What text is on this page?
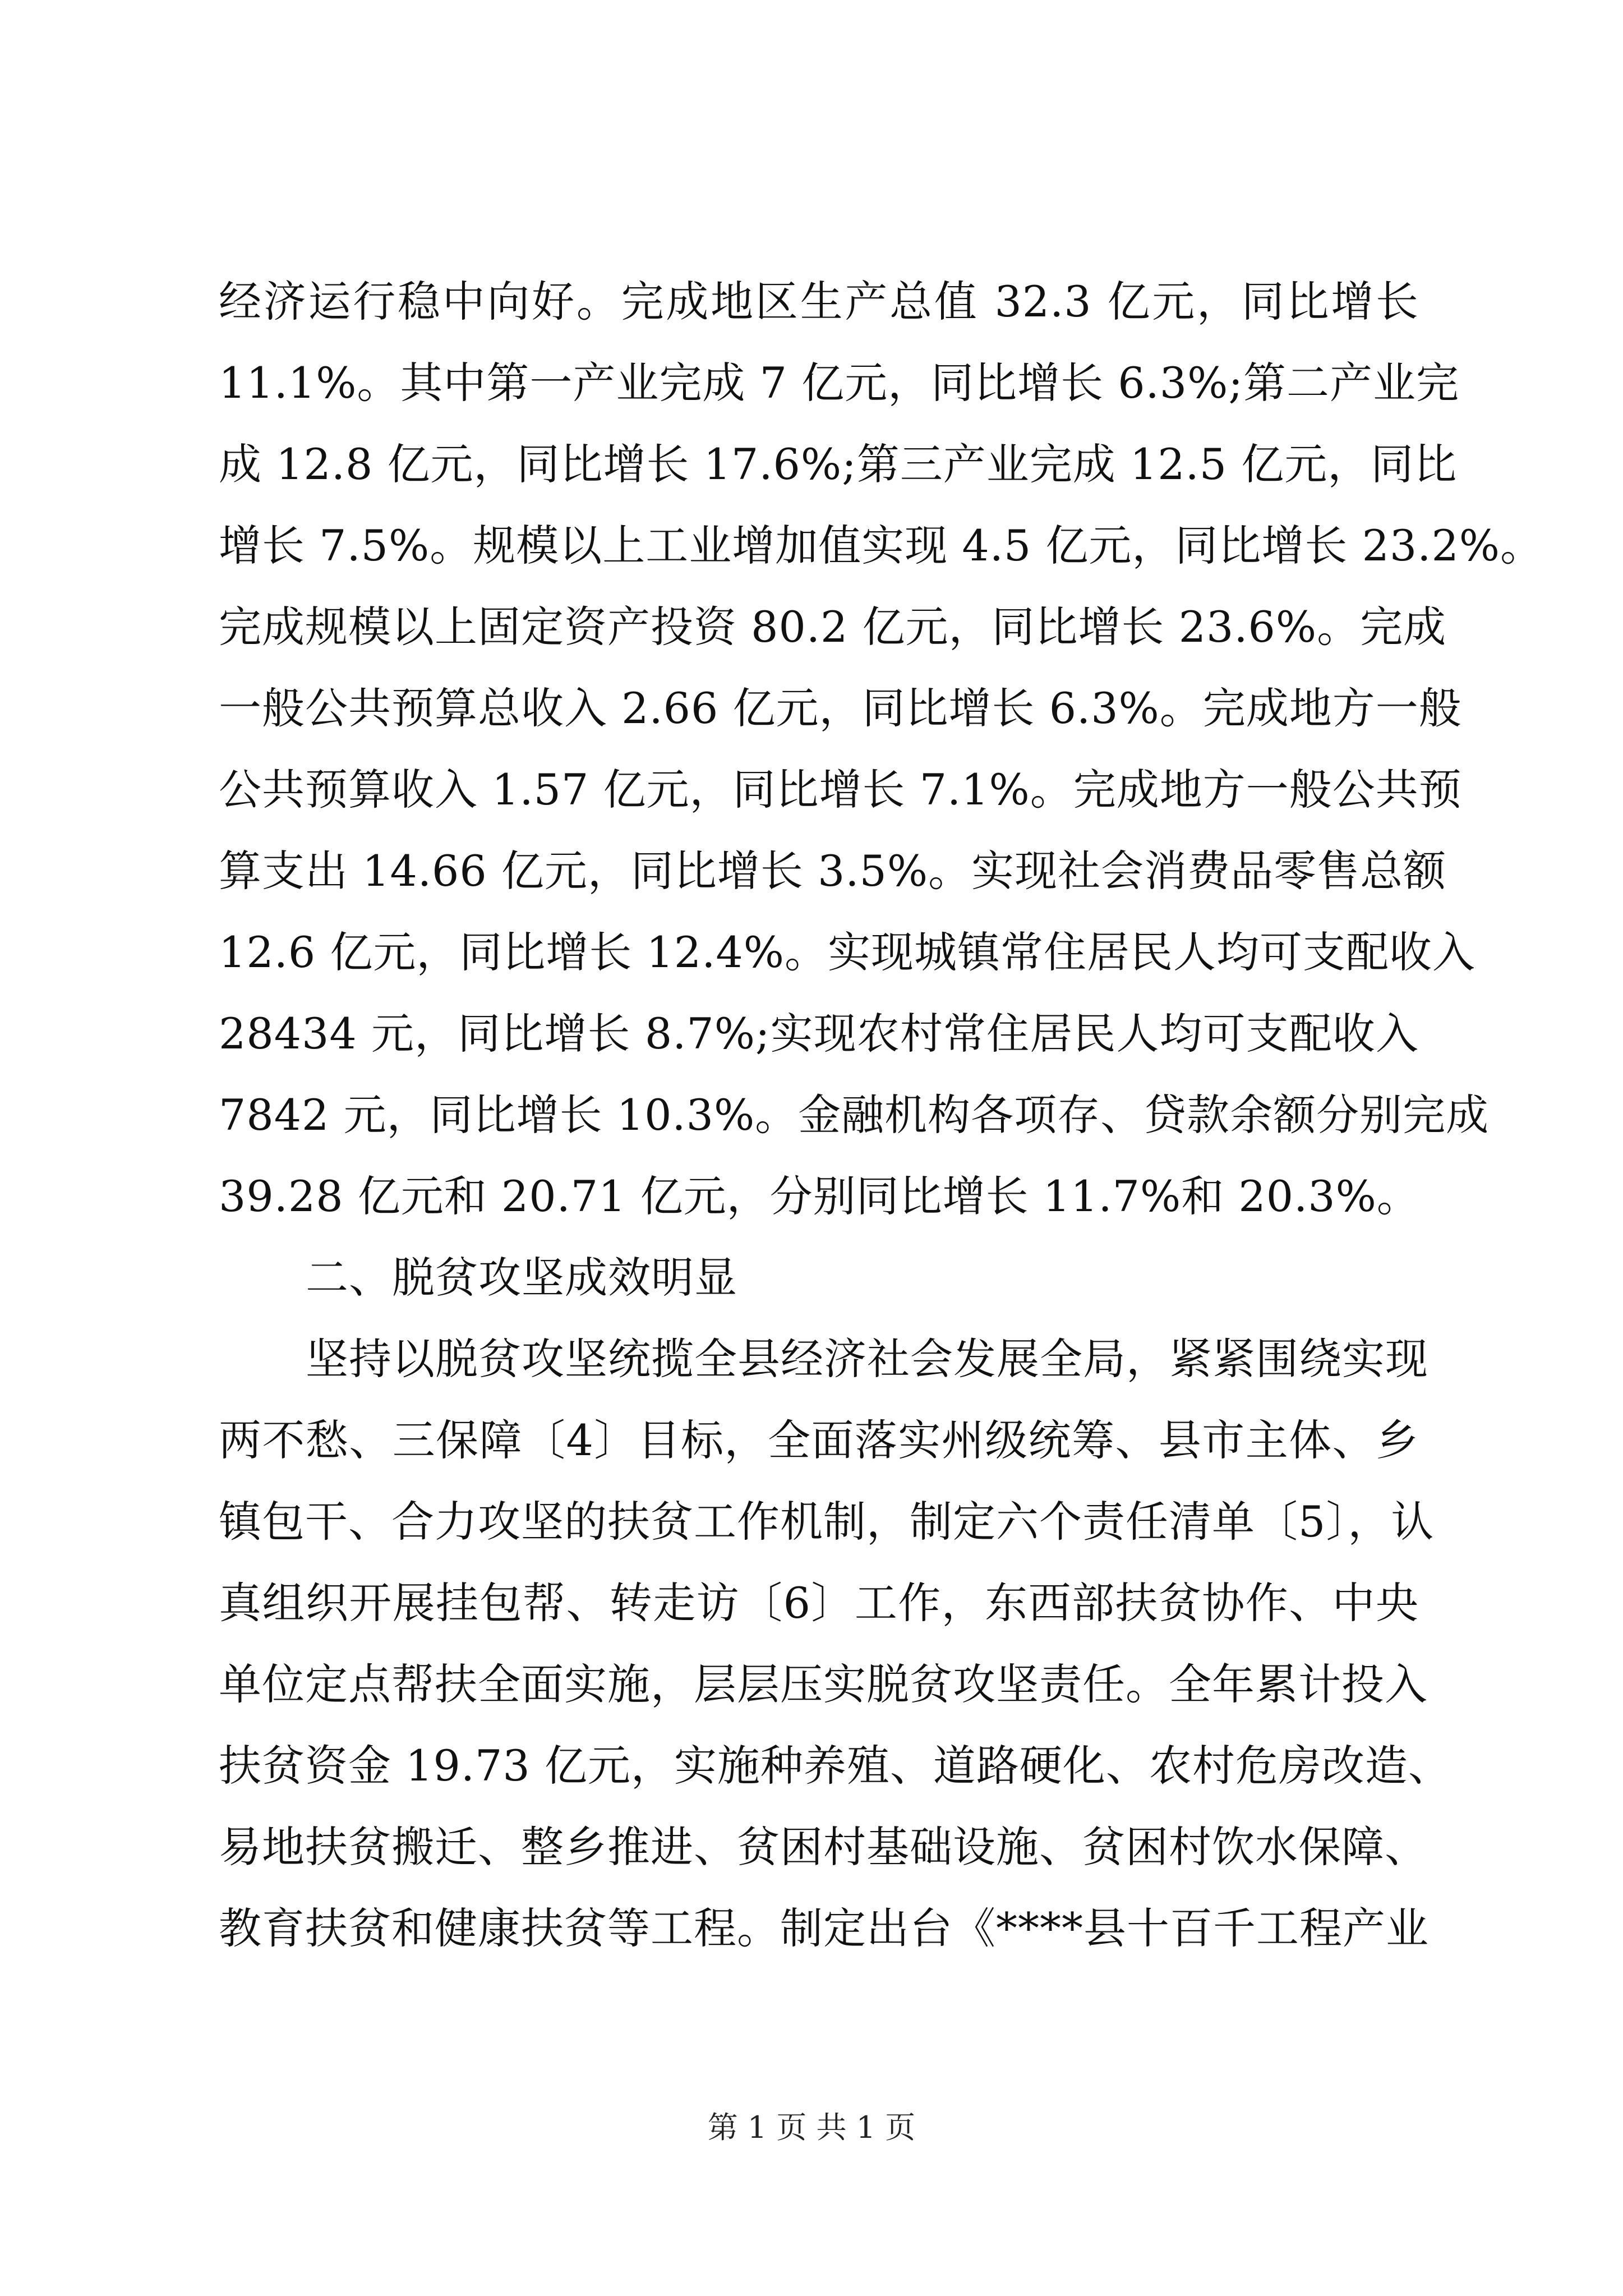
经济运行稳中向好。完成地区生产总值 32.3 亿元，同比增长
11.1%。其中第一产业完成 7 亿元，同比增长 6.3%;第二产业完
成 12.8 亿元，同比增长 17.6%;第三产业完成 12.5 亿元，同比
增长 7.5%。规模以上工业增加值实现 4.5 亿元，同比增长 23.2%。
完成规模以上固定资产投资 80.2 亿元，同比增长 23.6%。完成
一般公共预算总收入 2.66 亿元，同比增长 6.3%。完成地方一般
公共预算收入 1.57 亿元，同比增长 7.1%。完成地方一般公共预
算支出 14.66 亿元，同比增长 3.5%。实现社会消费品零售总额
12.6 亿元，同比增长 12.4%。实现城镇常住居民人均可支配收入
28434 元，同比增长 8.7%;实现农村常住居民人均可支配收入
7842 元，同比增长 10.3%。金融机构各项存、贷款余额分别完成
39.28 亿元和 20.71 亿元，分别同比增长 11.7%和 20.3%。
二、脱贫攻坚成效明显
坚持以脱贫攻坚统揽全县经济社会发展全局，紧紧围绕实现
两不愁、三保障〔4〕目标，全面落实州级统筹、县市主体、乡
镇包干、合力攻坚的扶贫工作机制，制定六个责任清单〔5〕，认
真组织开展挂包帮、转走访〔6〕工作，东西部扶贫协作、中央
单位定点帮扶全面实施，层层压实脱贫攻坚责任。全年累计投入
扶贫资金 19.73 亿元，实施种养殖、道路硬化、农村危房改造、
易地扶贫搬迁、整乡推进、贫困村基础设施、贫困村饮水保障、
教育扶贫和健康扶贫等工程。制定出台《****县十百千工程产业
第 1 页 共 1 页
